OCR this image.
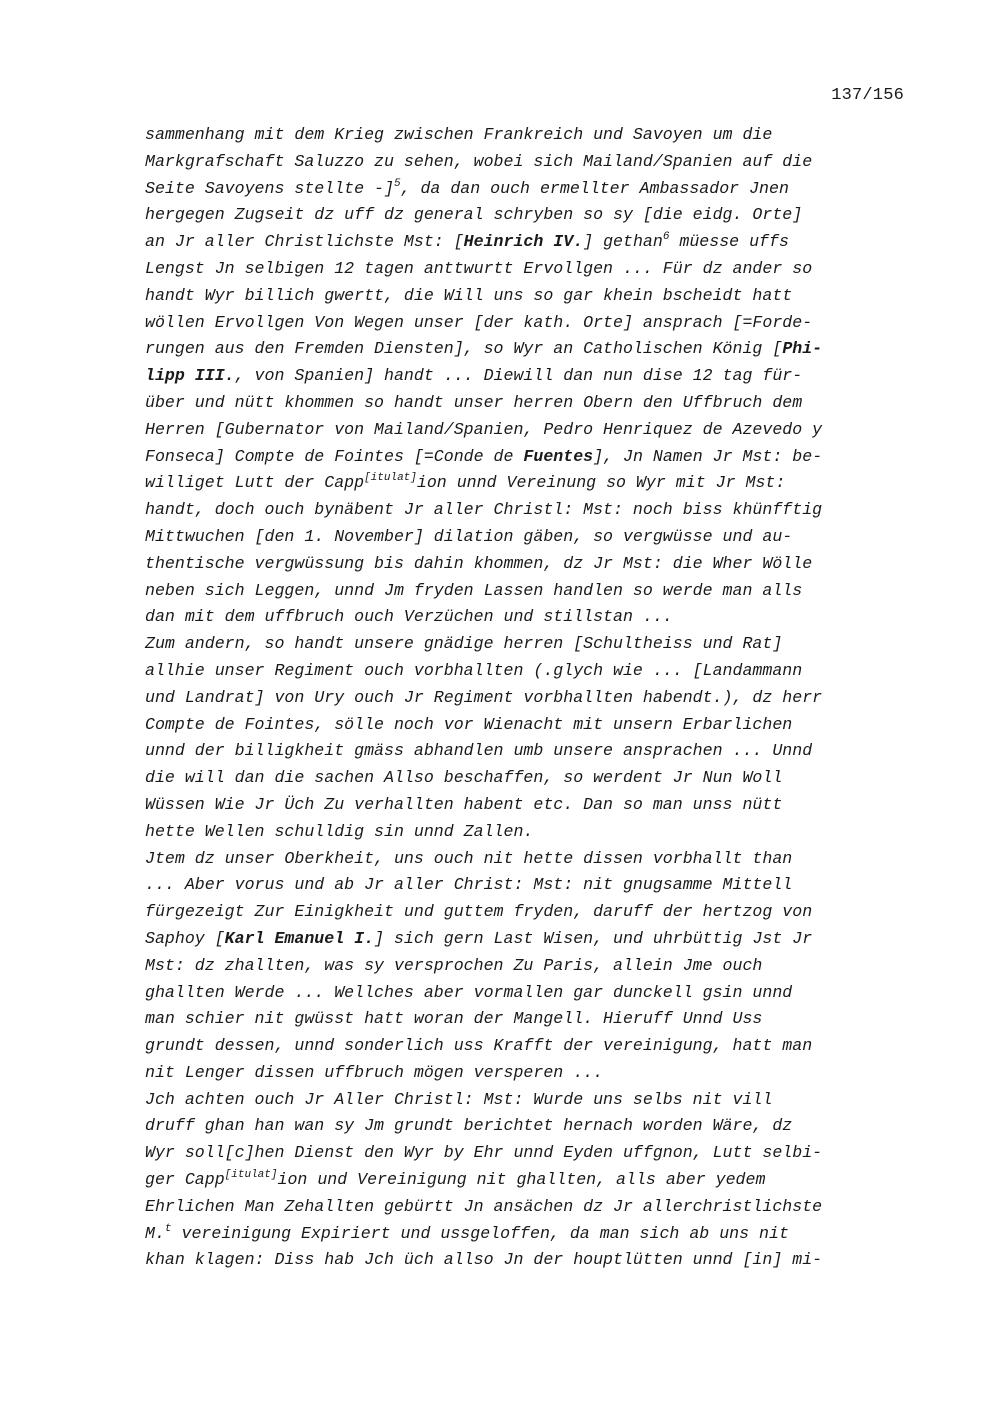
137/156
sammenhang mit dem Krieg zwischen Frankreich und Savoyen um die
Markgrafschaft Saluzzo zu sehen, wobei sich Mailand/Spanien auf die
Seite Savoyens stellte -]$^5$, da dan ouch ermellter Ambassador Jnen
hergegen Zugseit dz uff dz general schryben so sy [die eidg. Orte]
an Jr aller Christlichste Mst: [Heinrich IV.] gethan$^6$ müesse uffs
Lengst Jn selbigen 12 tagen anttwurtt Ervollgen ... Für dz ander so
handt Wyr billich gwertt, die Will uns so gar khein bscheidt hatt
wöllen Ervollgen Von Wegen unser [der kath. Orte] ansprach [=Forde-
rungen aus den Fremden Diensten], so Wyr an Catholischen König [Phi-
lipp III., von Spanien] handt ... Diewill dan nun dise 12 tag für-
über und nütt khommen so handt unser herren Obern den Uffbruch dem
Herren [Gubernator von Mailand/Spanien, Pedro Henriquez de Azevedo y
Fonseca] Compte de Fointes [=Conde de Fuentes], Jn Namen Jr Mst: be-
williget Lutt der Capp[itulat]ion unnd Vereinung so Wyr mit Jr Mst:
handt, doch ouch bynäbent Jr aller Christl: Mst: noch biss khünfftig
Mittwuchen [den 1. November] dilation gäben, so vergwüsse und au-
thentische vergwüssung bis dahin khommen, dz Jr Mst: die Wher Wölle
neben sich Leggen, unnd Jm fryden Lassen handlen so werde man alls
dan mit dem uffbruch ouch Verzüchen und stillstan ...
Zum andern, so handt unsere gnädige herren [Schultheiss und Rat]
allhie unser Regiment ouch vorbhallten (.glych wie ... [Landammann
und Landrat] von Ury ouch Jr Regiment vorbhallten habendt.), dz herr
Compte de Fointes, sölle noch vor Wienacht mit unsern Erbarlichen
unnd der billigkheit gmäss abhandlen umb unsere ansprachen ... Unnd
die will dan die sachen Allso beschaffen, so werdent Jr Nun Woll
Wüssen Wie Jr Üch Zu verhallten habent etc. Dan so man unss nütt
hette Wellen schulldig sin unnd Zallen.
Jtem dz unser Oberkheit, uns ouch nit hette dissen vorbhallt than
... Aber vorus und ab Jr aller Christ: Mst: nit gnugsamme Mittell
fürgezeigt Zur Einigkheit und guttem fryden, daruff der hertzog von
Saphoy [Karl Emanuel I.] sich gern Last Wisen, und uhrbüttig Jst Jr
Mst: dz zhallten, was sy versprochen Zu Paris, allein Jme ouch
ghallten Werde ... Wellches aber vormallen gar dunckell gsin unnd
man schier nit gwüsst hatt woran der Mangell. Hieruff Unnd Uss
grundt dessen, unnd sonderlich uss Krafft der vereinigung, hatt man
nit Lenger dissen uffbruch mögen versperen ...
Jch achten ouch Jr Aller Christl: Mst: Wurde uns selbs nit vill
druff ghan han wan sy Jm grundt berichtet hernach worden Wäre, dz
Wyr soll[c]hen Dienst den Wyr by Ehr unnd Eyden uffgnon, Lutt selbi-
ger Capp[itulat]ion und Vereinigung nit ghallten, alls aber yedem
Ehrlichen Man Zehallten gebürtt Jn ansächen dz Jr allerchristlichste
M.$^t$ vereinigung Expiriert und ussgeloffen, da man sich ab uns nit
khan klagen: Diss hab Jch üch allso Jn der houptlütten unnd [in] mi-
